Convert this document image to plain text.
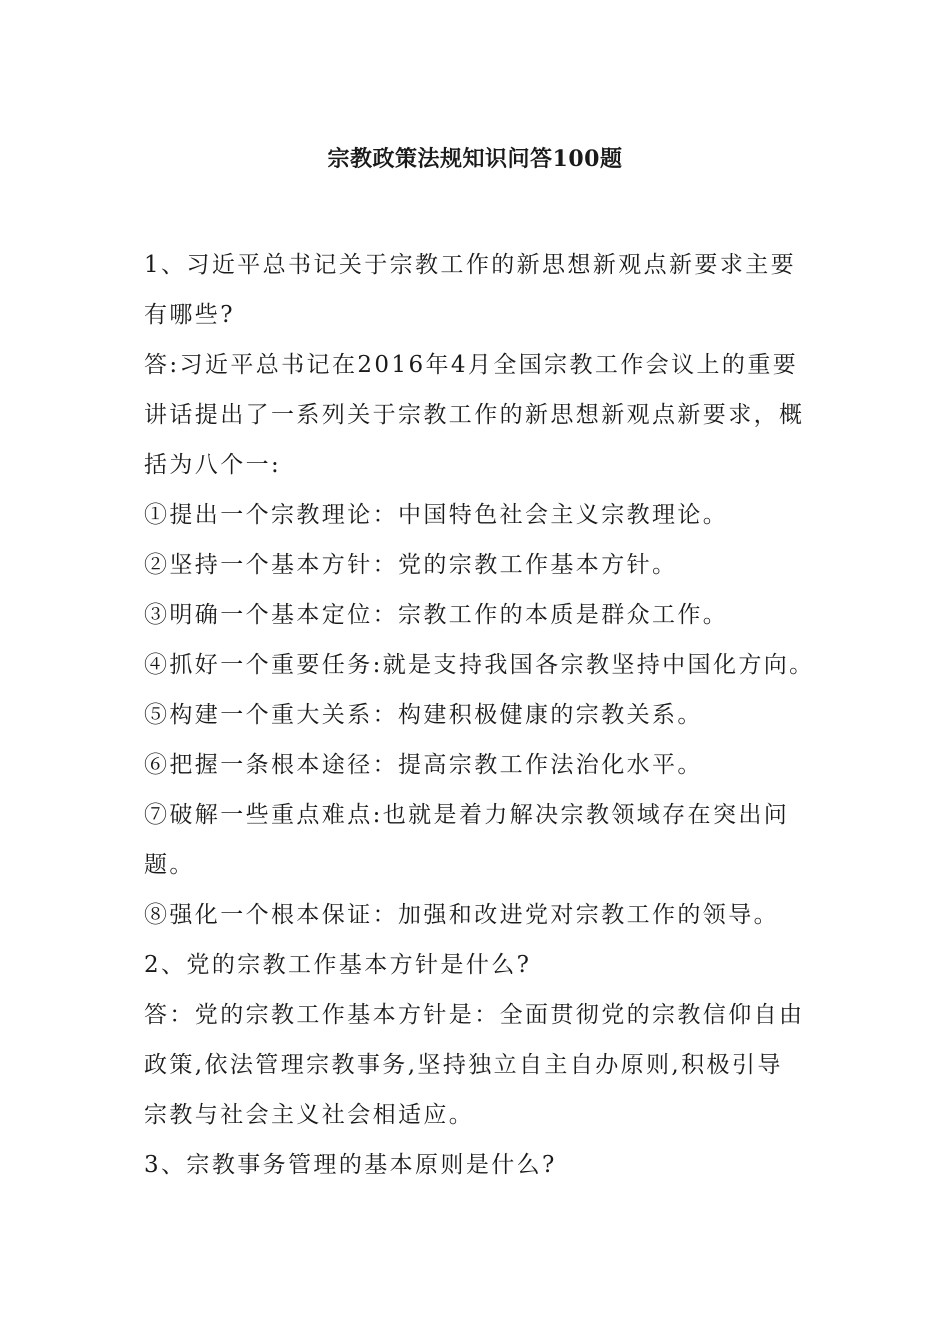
宗教政策法规知识问答100题
1、习近平总书记关于宗教工作的新思想新观点新要求主要
有哪些?
答:习近平总书记在2016年4月全国宗教工作会议上的重要
讲话提出了一系列关于宗教工作的新思想新观点新要求，概
括为八个一:
①提出一个宗教理论：中国特色社会主义宗教理论。
②坚持一个基本方针：党的宗教工作基本方针。
③明确一个基本定位：宗教工作的本质是群众工作。
④抓好一个重要任务:就是支持我国各宗教坚持中国化方向。
⑤构建一个重大关系：构建积极健康的宗教关系。
⑥把握一条根本途径：提高宗教工作法治化水平。
⑦破解一些重点难点:也就是着力解决宗教领域存在突出问
题。
⑧强化一个根本保证：加强和改进党对宗教工作的领导。
2、党的宗教工作基本方针是什么?
答：党的宗教工作基本方针是：全面贯彻党的宗教信仰自由
政策,依法管理宗教事务,坚持独立自主自办原则,积极引导
宗教与社会主义社会相适应。
3、宗教事务管理的基本原则是什么?
